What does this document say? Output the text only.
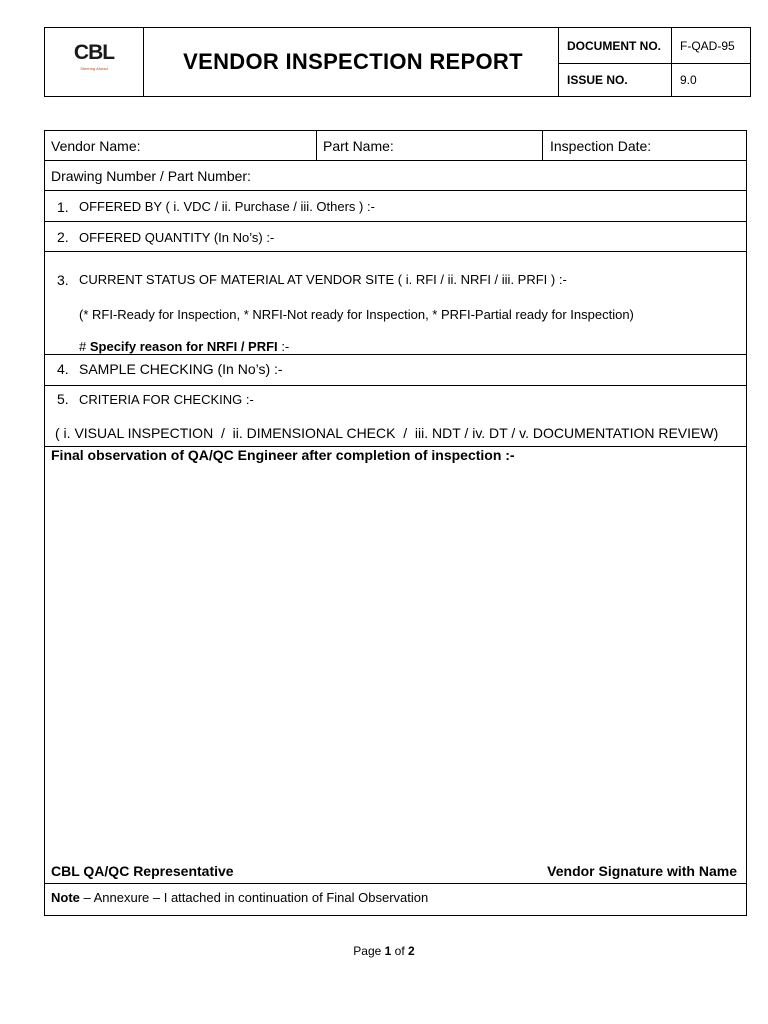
CBL
Steering Ahead	VENDOR INSPECTION REPORT
DOCUMENT NO.	F-QAD-95
ISSUE NO.	9.0
Vendor Name:	Part Name:	Inspection Date:
Drawing Number / Part Number:
1. OFFERED BY ( i. VDC / ii. Purchase / iii. Others ) :-
2. OFFERED QUANTITY (In No’s) :-
3. CURRENT STATUS OF MATERIAL AT VENDOR SITE ( i. RFI / ii. NRFI / iii. PRFI ) :-
(* RFI-Ready for Inspection, * NRFI-Not ready for Inspection, * PRFI-Partial ready for Inspection)
# Specify reason for NRFI / PRFI :-
4. SAMPLE CHECKING (In No’s) :-
5. CRITERIA FOR CHECKING :-
( i. VISUAL INSPECTION  /  ii. DIMENSIONAL CHECK  /  iii. NDT / iv. DT / v. DOCUMENTATION REVIEW)
Final observation of QA/QC Engineer after completion of inspection :-
CBL QA/QC Representative	Vendor Signature with Name
Note – Annexure – I attached in continuation of Final Observation
Page 1 of 2
